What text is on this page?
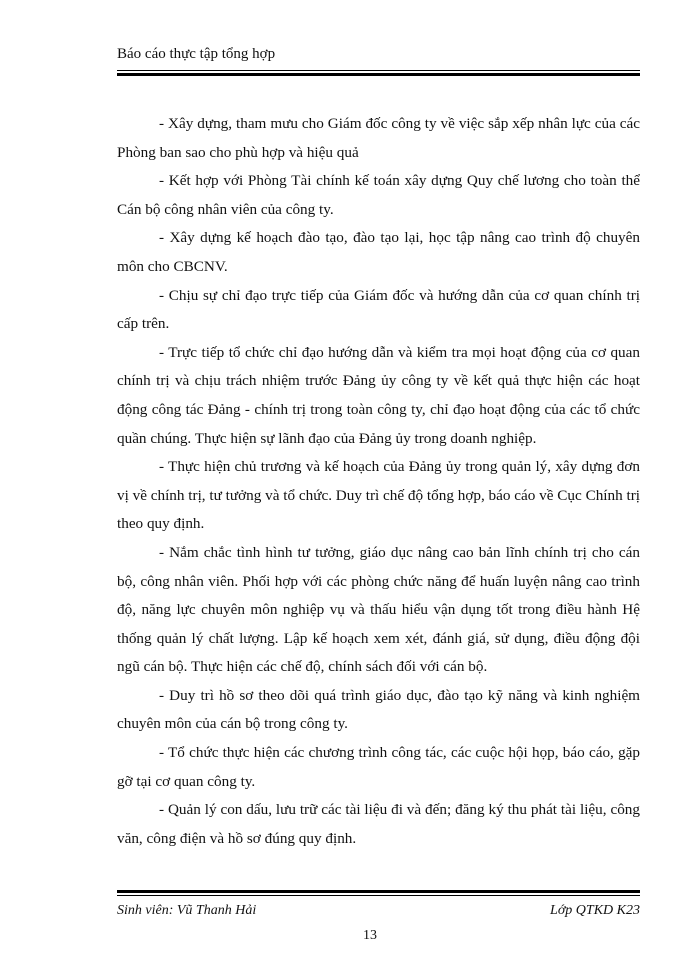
Báo cáo thực tập tổng hợp

- Xây dựng, tham mưu cho Giám đốc công ty về việc sắp xếp nhân lực của các Phòng ban sao cho phù hợp và hiệu quả

- Kết hợp với Phòng Tài chính kế toán xây dựng Quy chế lương cho toàn thể Cán bộ công nhân viên của công ty.

- Xây dựng kế hoạch đào tạo, đào tạo lại, học tập nâng cao trình độ chuyên môn cho CBCNV.

- Chịu sự chỉ đạo trực tiếp của Giám đốc và hướng dẫn của cơ quan chính trị cấp trên.

- Trực tiếp tổ chức chỉ đạo hướng dẫn và kiểm tra mọi hoạt động của cơ quan chính trị và chịu trách nhiệm trước Đảng ủy công ty về kết quả thực hiện các hoạt động công tác Đảng - chính trị trong toàn công ty, chỉ đạo hoạt động của các tổ chức quần chúng. Thực hiện sự lãnh đạo của Đảng ủy trong doanh nghiệp.

- Thực hiện chủ trương và kế hoạch của Đảng ủy trong quản lý, xây dựng đơn vị về chính trị, tư tưởng và tổ chức. Duy trì chế độ tổng hợp, báo cáo về Cục Chính trị theo quy định.

- Nắm chắc tình hình tư tưởng, giáo dục nâng cao bản lĩnh chính trị cho cán bộ, công nhân viên. Phối hợp với các phòng chức năng để huấn luyện nâng cao trình độ, năng lực chuyên môn nghiệp vụ và thấu hiểu vận dụng tốt trong điều hành Hệ thống quản lý chất lượng. Lập kế hoạch xem xét, đánh giá, sử dụng, điều động đội ngũ cán bộ. Thực hiện các chế độ, chính sách đối với cán bộ.

- Duy trì hồ sơ theo dõi quá trình giáo dục, đào tạo kỹ năng và kinh nghiệm chuyên môn của cán bộ trong công ty.

- Tổ chức thực hiện các chương trình công tác, các cuộc hội họp, báo cáo, gặp gỡ tại cơ quan công ty.

- Quản lý con dấu, lưu trữ các tài liệu đi và đến; đăng ký thu phát tài liệu, công văn, công điện và hồ sơ đúng quy định.

Sinh viên: Vũ Thanh Hải	Lớp QTKD K23
13
